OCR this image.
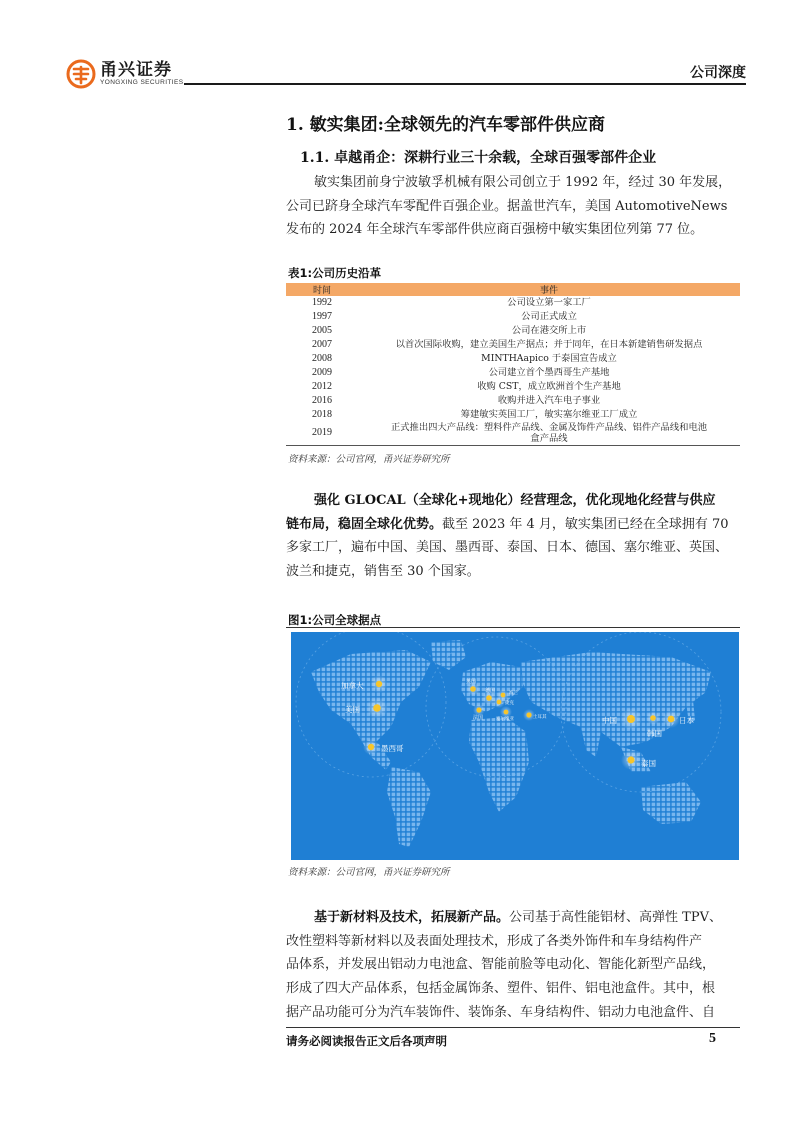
甬兴证券
YONGXING SECURITIES
公司深度
1. 敏实集团:全球领先的汽车零部件供应商
1.1. 卓越甬企：深耕行业三十余载，全球百强零部件企业
敏实集团前身宁波敏孚机械有限公司创立于 1992 年，经过 30 年发展，
公司已跻身全球汽车零配件百强企业。据盖世汽车，美国 AutomotiveNews
发布的 2024 年全球汽车零部件供应商百强榜中敏实集团位列第 77 位。
表1:公司历史沿革
时间	事件
1992	公司设立第一家工厂
1997	公司正式成立
2005	公司在港交所上市
2007	以首次国际收购，建立美国生产据点；并于同年，在日本新建销售研发据点
2008	MINTHAapico 于泰国宣告成立
2009	公司建立首个墨西哥生产基地
2012	收购 CST，成立欧洲首个生产基地
2016	收购并进入汽车电子事业
2018	筹建敏实英国工厂，敏实塞尔维亚工厂成立
2019	正式推出四大产品线：塑料件产品线、金属及饰件产品线、铝件产品线和电池
盒产品线
资料来源：公司官网，甬兴证券研究所
强化 GLOCAL（全球化+现地化）经营理念，优化现地化经营与供应
链布局，稳固全球化优势。截至 2023 年 4 月，敏实集团已经在全球拥有 70
多家工厂，遍布中国、美国、墨西哥、泰国、日本、德国、塞尔维亚、英国、
波兰和捷克，销售至 30 个国家。
图1:公司全球据点
加拿大
美国
墨西哥
英国
德国	波兰
捷克
法国	塞尔维亚	土耳其	中国	日本
韩国
泰国
资料来源：公司官网，甬兴证券研究所
基于新材料及技术，拓展新产品。公司基于高性能铝材、高弹性 TPV、
改性塑料等新材料以及表面处理技术，形成了各类外饰件和车身结构件产
品体系，并发展出铝动力电池盒、智能前脸等电动化、智能化新型产品线，
形成了四大产品体系，包括金属饰条、塑件、铝件、铝电池盒件。其中，根
据产品功能可分为汽车装饰件、装饰条、车身结构件、铝动力电池盒件、自
请务必阅读报告正文后各项声明	5
